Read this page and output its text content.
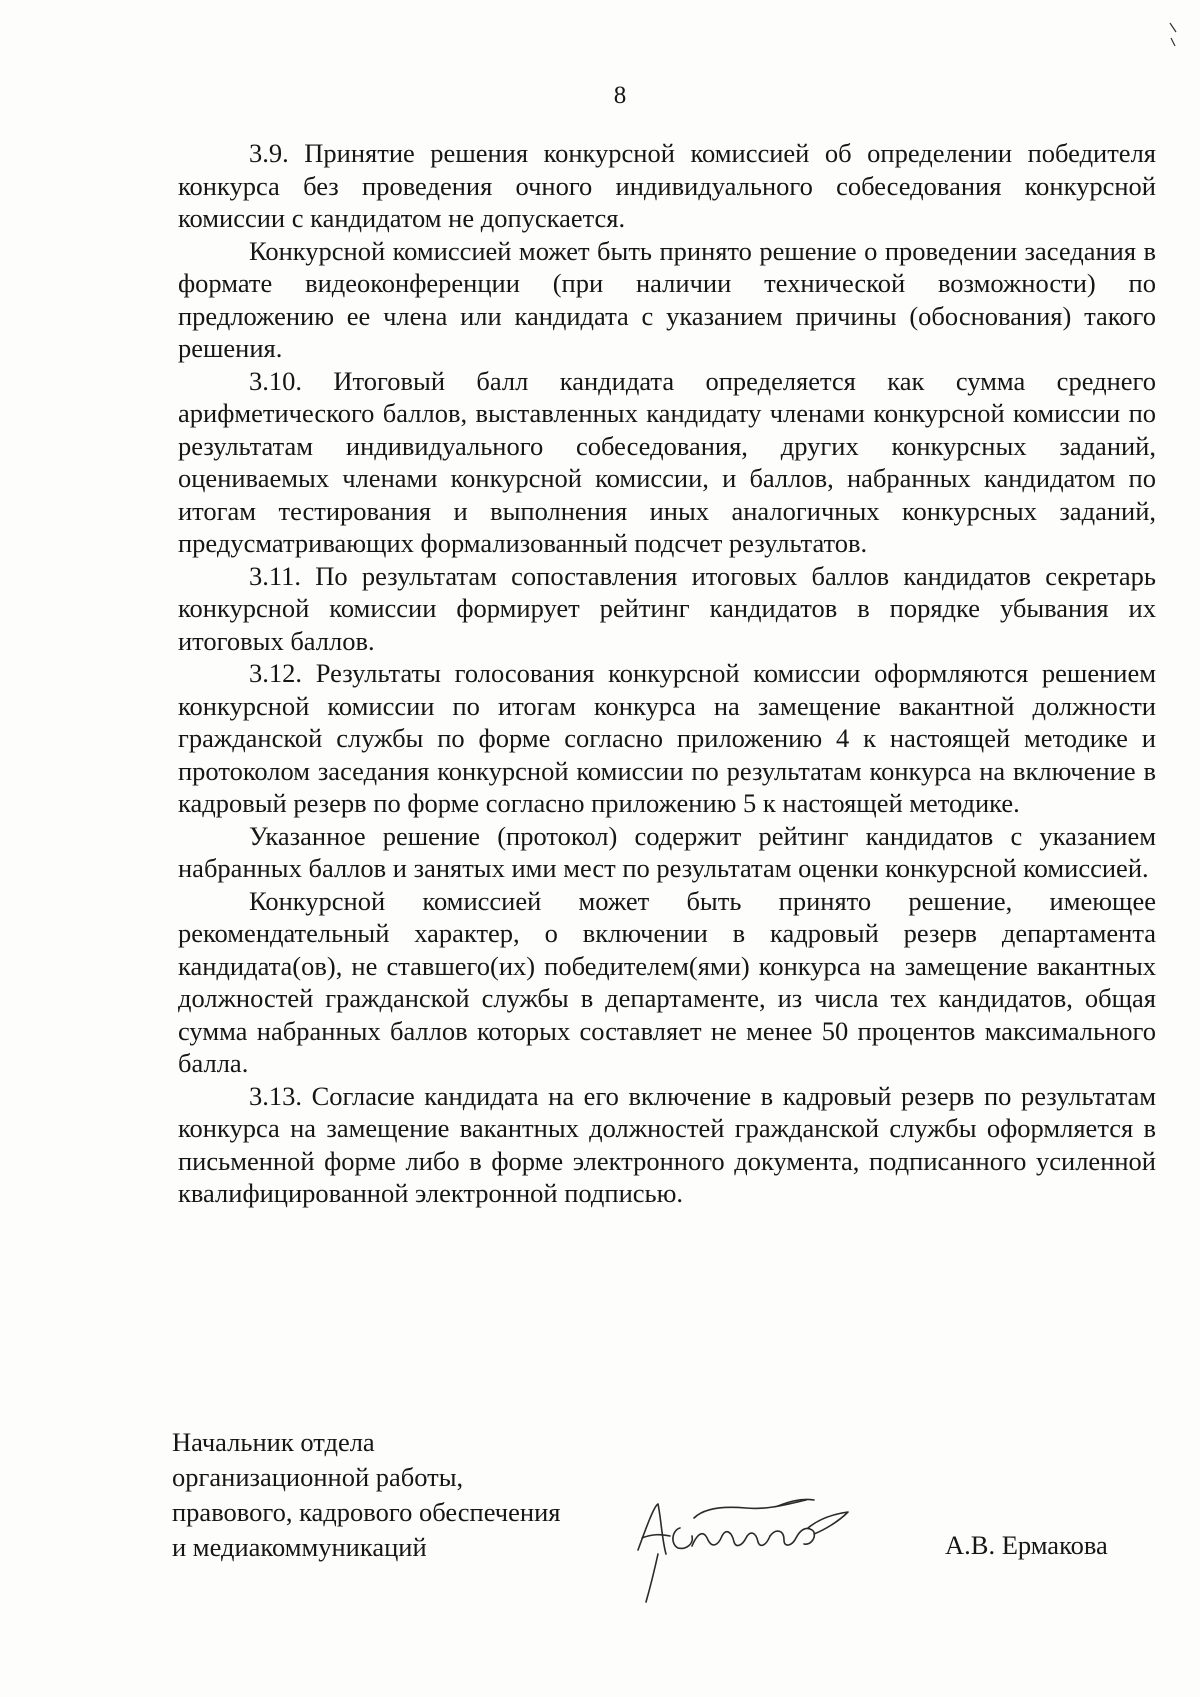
8

3.9. Принятие решения конкурсной комиссией об определении победителя конкурса без проведения очного индивидуального собеседования конкурсной комиссии с кандидатом не допускается.

Конкурсной комиссией может быть принято решение о проведении заседания в формате видеоконференции (при наличии технической возможности) по предложению ее члена или кандидата с указанием причины (обоснования) такого решения.

3.10. Итоговый балл кандидата определяется как сумма среднего арифметического баллов, выставленных кандидату членами конкурсной комиссии по результатам индивидуального собеседования, других конкурсных заданий, оцениваемых членами конкурсной комиссии, и баллов, набранных кандидатом по итогам тестирования и выполнения иных аналогичных конкурсных заданий, предусматривающих формализованный подсчет результатов.

3.11. По результатам сопоставления итоговых баллов кандидатов секретарь конкурсной комиссии формирует рейтинг кандидатов в порядке убывания их итоговых баллов.

3.12. Результаты голосования конкурсной комиссии оформляются решением конкурсной комиссии по итогам конкурса на замещение вакантной должности гражданской службы по форме согласно приложению 4 к настоящей методике и протоколом заседания конкурсной комиссии по результатам конкурса на включение в кадровый резерв по форме согласно приложению 5 к настоящей методике.

Указанное решение (протокол) содержит рейтинг кандидатов с указанием набранных баллов и занятых ими мест по результатам оценки конкурсной комиссией.

Конкурсной комиссией может быть принято решение, имеющее рекомендательный характер, о включении в кадровый резерв департамента кандидата(ов), не ставшего(их) победителем(ями) конкурса на замещение вакантных должностей гражданской службы в департаменте, из числа тех кандидатов, общая сумма набранных баллов которых составляет не менее 50 процентов максимального балла.

3.13. Согласие кандидата на его включение в кадровый резерв по результатам конкурса на замещение вакантных должностей гражданской службы оформляется в письменной форме либо в форме электронного документа, подписанного усиленной квалифицированной электронной подписью.

Начальник отдела
организационной работы,
правового, кадрового обеспечения
и медиакоммуникаций	А.В. Ермакова
